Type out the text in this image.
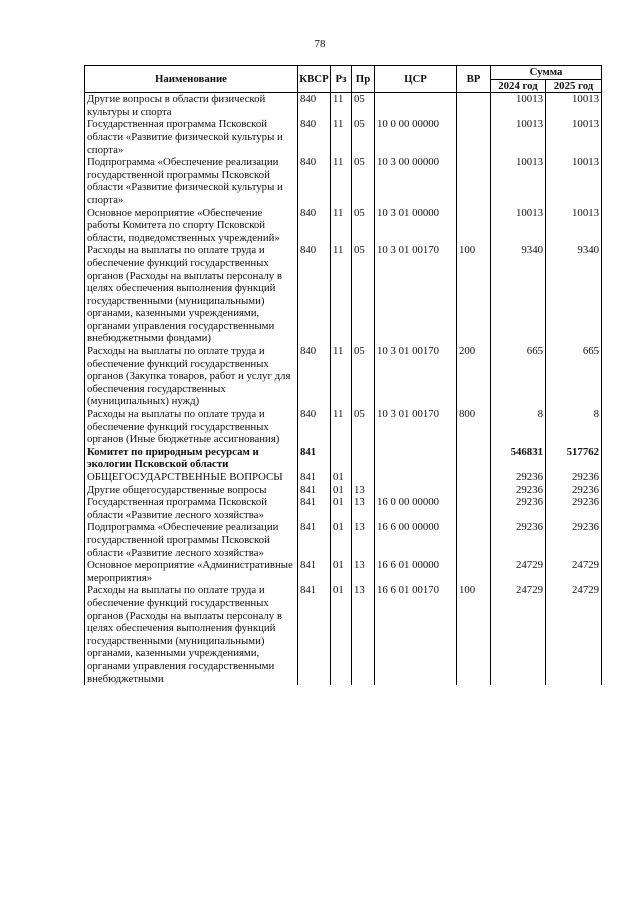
78
Наименование	КВСР	Рз	Пр	ЦСР	ВР	Сумма	
						2024 год	2025 год
Другие вопросы в области физической культуры и спорта	840	11	05			10013	10013
Государственная программа Псковской области «Развитие физической культуры и спорта»	840	11	05	10 0 00 00000		10013	10013
Подпрограмма «Обеспечение реализации государственной программы Псковской области «Развитие физической культуры и спорта»	840	11	05	10 3 00 00000		10013	10013
Основное мероприятие «Обеспечение работы Комитета по спорту Псковской области, подведомственных учреждений»	840	11	05	10 3 01 00000		10013	10013
Расходы на выплаты по оплате труда и обеспечение функций государственных органов (Расходы на выплаты персоналу в целях обеспечения выполнения функций государственными (муниципальными) органами, казенными учреждениями, органами управления государственными внебюджетными фондами)	840	11	05	10 3 01 00170	100	9340	9340
Расходы на выплаты по оплате труда и обеспечение функций государственных органов (Закупка товаров, работ и услуг для обеспечения государственных (муниципальных) нужд)	840	11	05	10 3 01 00170	200	665	665
Расходы на выплаты по оплате труда и обеспечение функций государственных органов (Иные бюджетные ассигнования)	840	11	05	10 3 01 00170	800	8	8
Комитет по природным ресурсам и экологии Псковской области	841					546831	517762
ОБЩЕГОСУДАРСТВЕННЫЕ ВОПРОСЫ	841	01				29236	29236
Другие общегосударственные вопросы	841	01	13			29236	29236
Государственная программа Псковской области «Развитие лесного хозяйства»	841	01	13	16 0 00 00000		29236	29236
Подпрограмма «Обеспечение реализации государственной программы Псковской области «Развитие лесного хозяйства»	841	01	13	16 6 00 00000		29236	29236
Основное мероприятие «Административные мероприятия»	841	01	13	16 6 01 00000		24729	24729
Расходы на выплаты по оплате труда и обеспечение функций государственных органов (Расходы на выплаты персоналу в целях обеспечения выполнения функций государственными (муниципальными) органами, казенными учреждениями, органами управления государственными внебюджетными	841	01	13	16 6 01 00170	100	24729	24729
